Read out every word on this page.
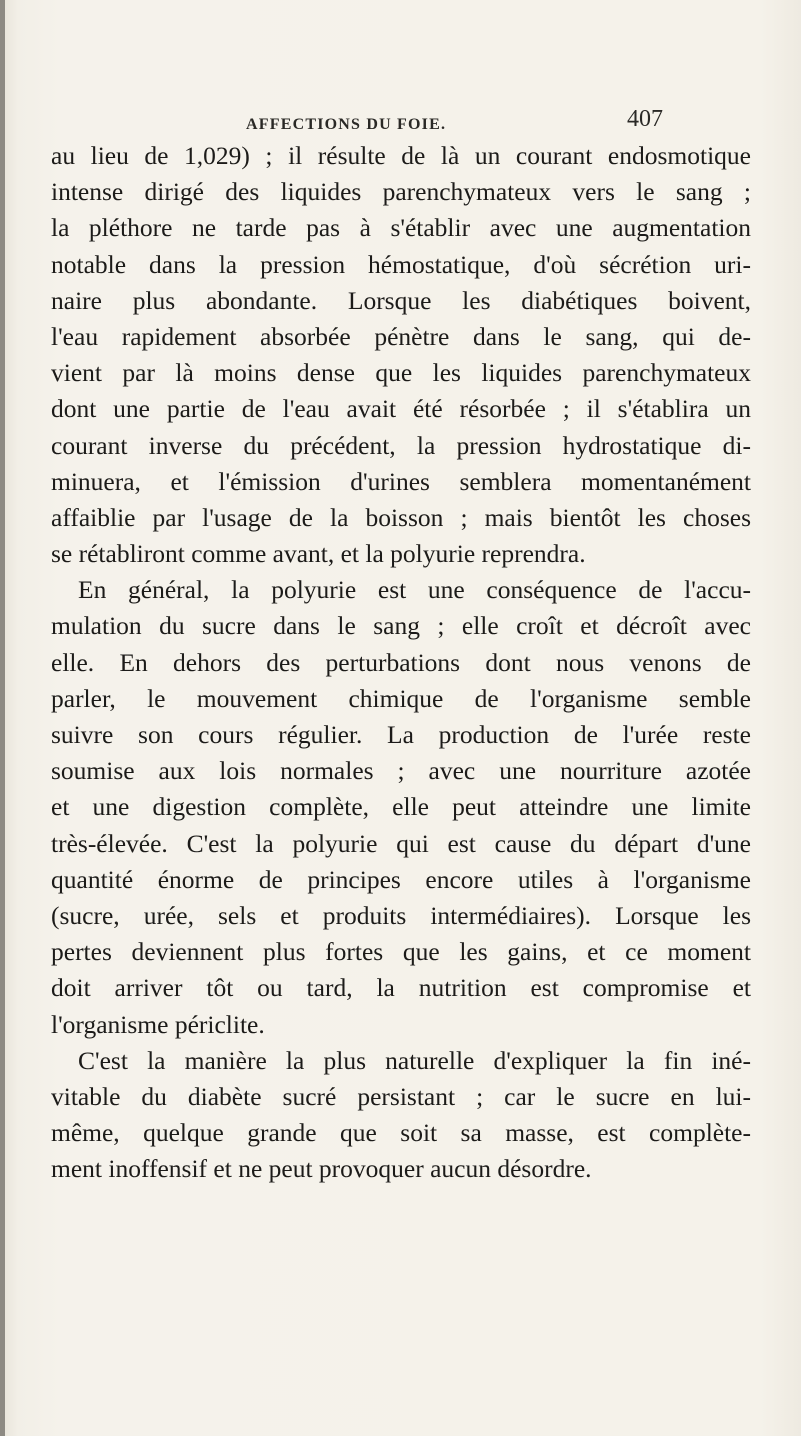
AFFECTIONS DU FOIE.	407
au lieu de 1,029) ; il résulte de là un courant endosmotique
intense dirigé des liquides parenchymateux vers le sang ;
la pléthore ne tarde pas à s'établir avec une augmentation
notable dans la pression hémostatique, d'où sécrétion uri-
naire plus abondante. Lorsque les diabétiques boivent,
l'eau rapidement absorbée pénètre dans le sang, qui de-
vient par là moins dense que les liquides parenchymateux
dont une partie de l'eau avait été résorbée ; il s'établira un
courant inverse du précédent, la pression hydrostatique di-
minuera, et l'émission d'urines semblera momentanément
affaiblie par l'usage de la boisson ; mais bientôt les choses
se rétabliront comme avant, et la polyurie reprendra.
En général, la polyurie est une conséquence de l'accu-
mulation du sucre dans le sang ; elle croît et décroît avec
elle. En dehors des perturbations dont nous venons de
parler, le mouvement chimique de l'organisme semble
suivre son cours régulier. La production de l'urée reste
soumise aux lois normales ; avec une nourriture azotée
et une digestion complète, elle peut atteindre une limite
très-élevée. C'est la polyurie qui est cause du départ d'une
quantité énorme de principes encore utiles à l'organisme
(sucre, urée, sels et produits intermédiaires). Lorsque les
pertes deviennent plus fortes que les gains, et ce moment
doit arriver tôt ou tard, la nutrition est compromise et
l'organisme périclite.
C'est la manière la plus naturelle d'expliquer la fin iné-
vitable du diabète sucré persistant ; car le sucre en lui-
même, quelque grande que soit sa masse, est complète-
ment inoffensif et ne peut provoquer aucun désordre.
